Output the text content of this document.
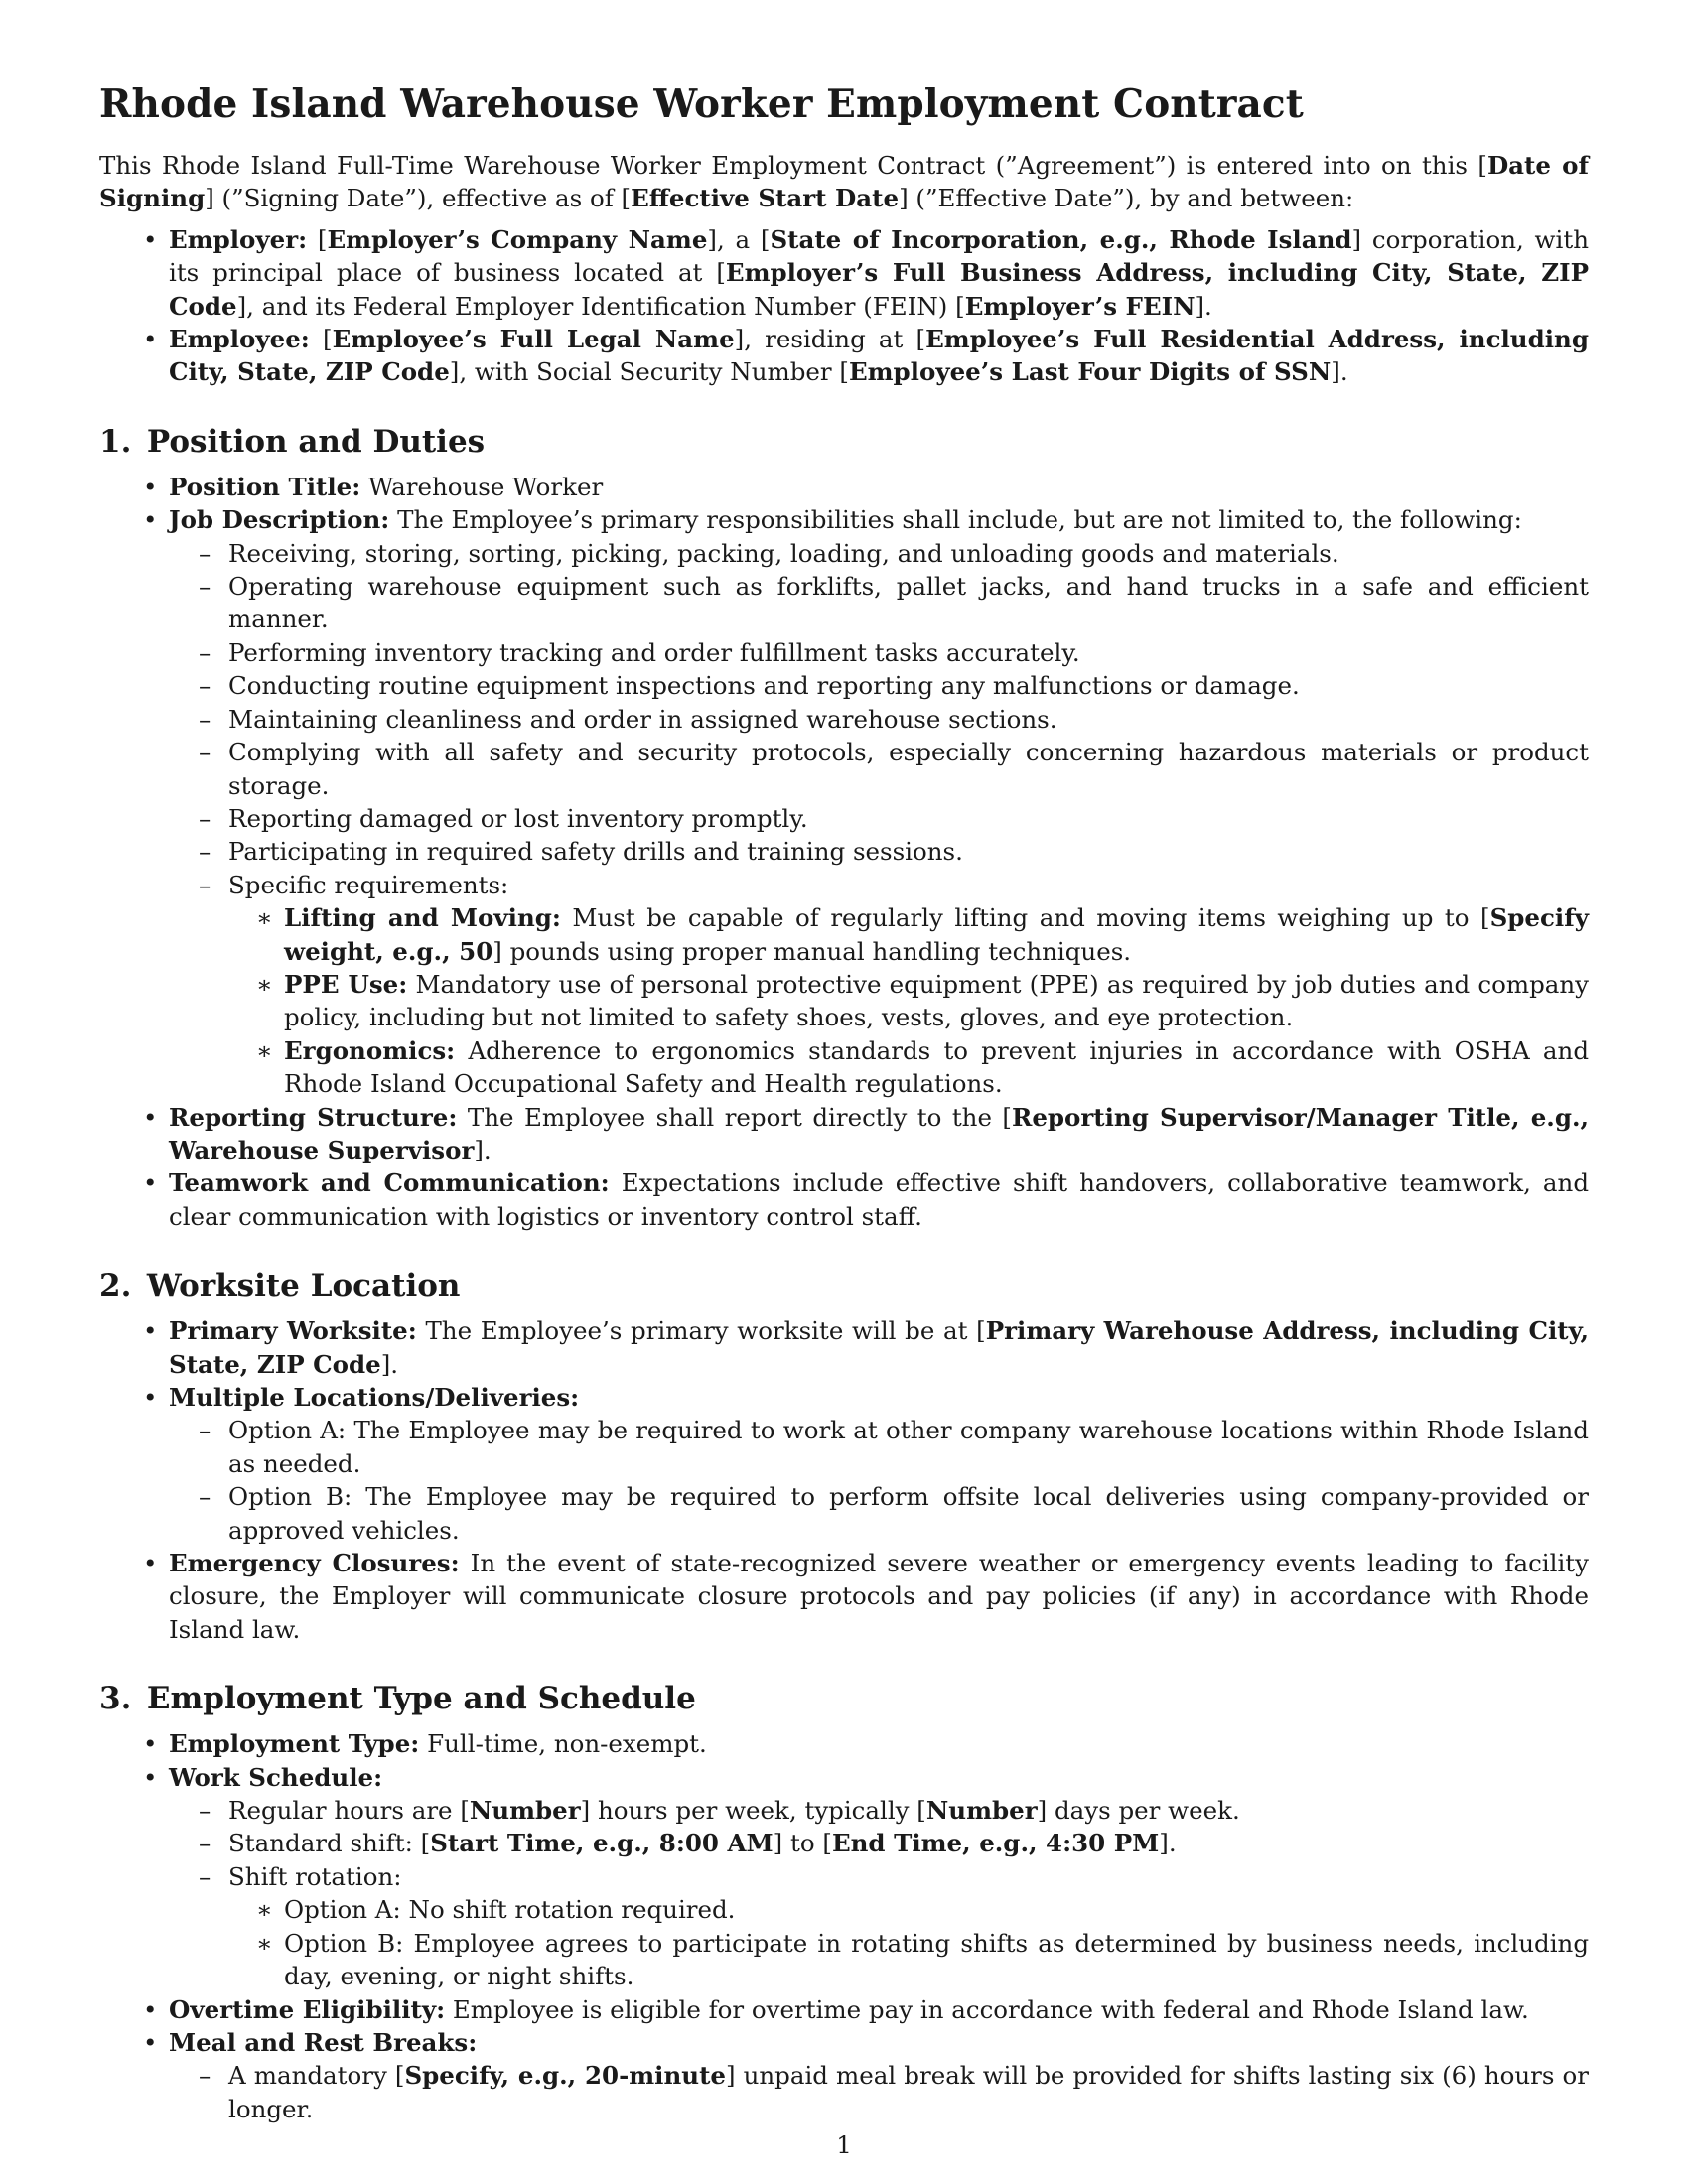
Rhode Island Warehouse Worker Employment Contract

This Rhode Island Full-Time Warehouse Worker Employment Contract (”Agreement”) is entered into on this [Date of Signing] (”Signing Date”), effective as of [Effective Start Date] (”Effective Date”), by and between:

• Employer: [Employer’s Company Name], a [State of Incorporation, e.g., Rhode Island] corporation, with its principal place of business located at [Employer’s Full Business Address, including City, State, ZIP Code], and its Federal Employer Identification Number (FEIN) [Employer’s FEIN].
• Employee: [Employee’s Full Legal Name], residing at [Employee’s Full Residential Address, including City, State, ZIP Code], with Social Security Number [Employee’s Last Four Digits of SSN].
1. Position and Duties
• Position Title: Warehouse Worker
• Job Description: The Employee’s primary responsibilities shall include, but are not limited to, the following:
– Receiving, storing, sorting, picking, packing, loading, and unloading goods and materials.
– Operating warehouse equipment such as forklifts, pallet jacks, and hand trucks in a safe and efficient manner.
– Performing inventory tracking and order fulfillment tasks accurately.
– Conducting routine equipment inspections and reporting any malfunctions or damage.
– Maintaining cleanliness and order in assigned warehouse sections.
– Complying with all safety and security protocols, especially concerning hazardous materials or product storage.
– Reporting damaged or lost inventory promptly.
– Participating in required safety drills and training sessions.
– Specific requirements:
∗ Lifting and Moving: Must be capable of regularly lifting and moving items weighing up to [Specify weight, e.g., 50] pounds using proper manual handling techniques.
∗ PPE Use: Mandatory use of personal protective equipment (PPE) as required by job duties and company policy, including but not limited to safety shoes, vests, gloves, and eye protection.
∗ Ergonomics: Adherence to ergonomics standards to prevent injuries in accordance with OSHA and Rhode Island Occupational Safety and Health regulations.
• Reporting Structure: The Employee shall report directly to the [Reporting Supervisor/Manager Title, e.g., Warehouse Supervisor].
• Teamwork and Communication: Expectations include effective shift handovers, collaborative teamwork, and clear communication with logistics or inventory control staff.
2. Worksite Location
• Primary Worksite: The Employee’s primary worksite will be at [Primary Warehouse Address, including City, State, ZIP Code].
• Multiple Locations/Deliveries:
– Option A: The Employee may be required to work at other company warehouse locations within Rhode Island as needed.
– Option B: The Employee may be required to perform offsite local deliveries using company-provided or approved vehicles.
• Emergency Closures: In the event of state-recognized severe weather or emergency events leading to facility closure, the Employer will communicate closure protocols and pay policies (if any) in accordance with Rhode Island law.
3. Employment Type and Schedule
• Employment Type: Full-time, non-exempt.
• Work Schedule:
– Regular hours are [Number] hours per week, typically [Number] days per week.
– Standard shift: [Start Time, e.g., 8:00 AM] to [End Time, e.g., 4:30 PM].
– Shift rotation:
∗ Option A: No shift rotation required.
∗ Option B: Employee agrees to participate in rotating shifts as determined by business needs, including day, evening, or night shifts.
• Overtime Eligibility: Employee is eligible for overtime pay in accordance with federal and Rhode Island law.
• Meal and Rest Breaks:
– A mandatory [Specify, e.g., 20-minute] unpaid meal break will be provided for shifts lasting six (6) hours or longer.
1
